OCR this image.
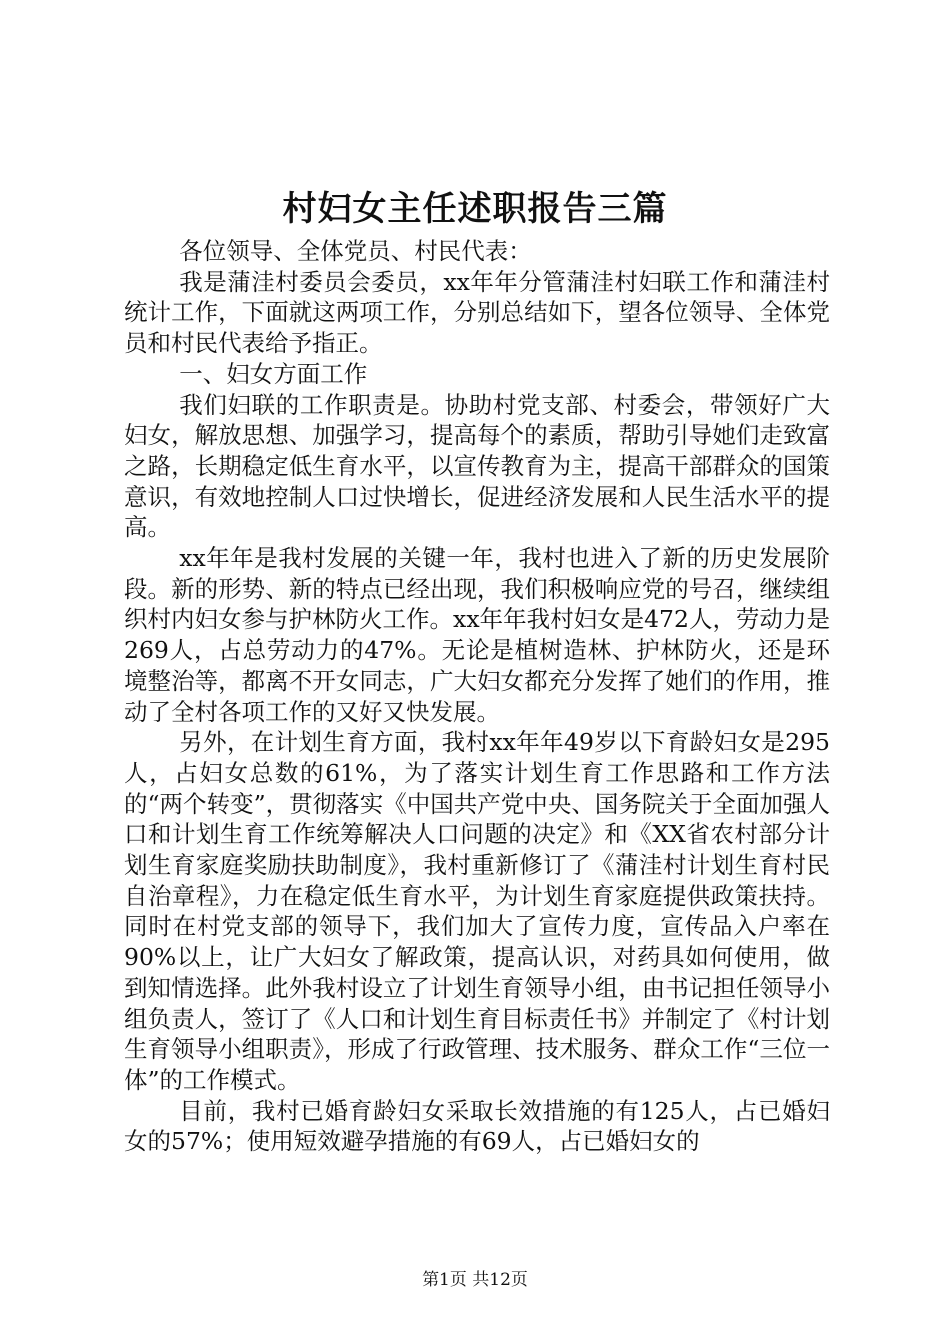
村妇女主任述职报告三篇

各位领导、全体党员、村民代表：

我是蒲洼村委员会委员，xx年年分管蒲洼村妇联工作和蒲洼村统计工作，下面就这两项工作，分别总结如下，望各位领导、全体党员和村民代表给予指正。

一、妇女方面工作

我们妇联的工作职责是。协助村党支部、村委会，带领好广大妇女，解放思想、加强学习，提高每个的素质，帮助引导她们走致富之路，长期稳定低生育水平，以宣传教育为主，提高干部群众的国策意识，有效地控制人口过快增长，促进经济发展和人民生活水平的提高。

xx年年是我村发展的关键一年，我村也进入了新的历史发展阶段。新的形势、新的特点已经出现，我们积极响应党的号召，继续组织村内妇女参与护林防火工作。xx年年我村妇女是472人，劳动力是269人，占总劳动力的47%。无论是植树造林、护林防火，还是环境整治等，都离不开女同志，广大妇女都充分发挥了她们的作用，推动了全村各项工作的又好又快发展。

另外，在计划生育方面，我村xx年年49岁以下育龄妇女是295人，占妇女总数的61%，为了落实计划生育工作思路和工作方法的“两个转变”，贯彻落实《中国共产党中央、国务院关于全面加强人口和计划生育工作统筹解决人口问题的决定》和《XX省农村部分计划生育家庭奖励扶助制度》，我村重新修订了《蒲洼村计划生育村民自治章程》，力在稳定低生育水平，为计划生育家庭提供政策扶持。同时在村党支部的领导下，我们加大了宣传力度，宣传品入户率在90%以上，让广大妇女了解政策，提高认识，对药具如何使用，做到知情选择。此外我村设立了计划生育领导小组，由书记担任领导小组负责人，签订了《人口和计划生育目标责任书》并制定了《村计划生育领导小组职责》，形成了行政管理、技术服务、群众工作“三位一体”的工作模式。

目前，我村已婚育龄妇女采取长效措施的有125人，占已婚妇女的57%；使用短效避孕措施的有69人，占已婚妇女的

第1页 共12页
